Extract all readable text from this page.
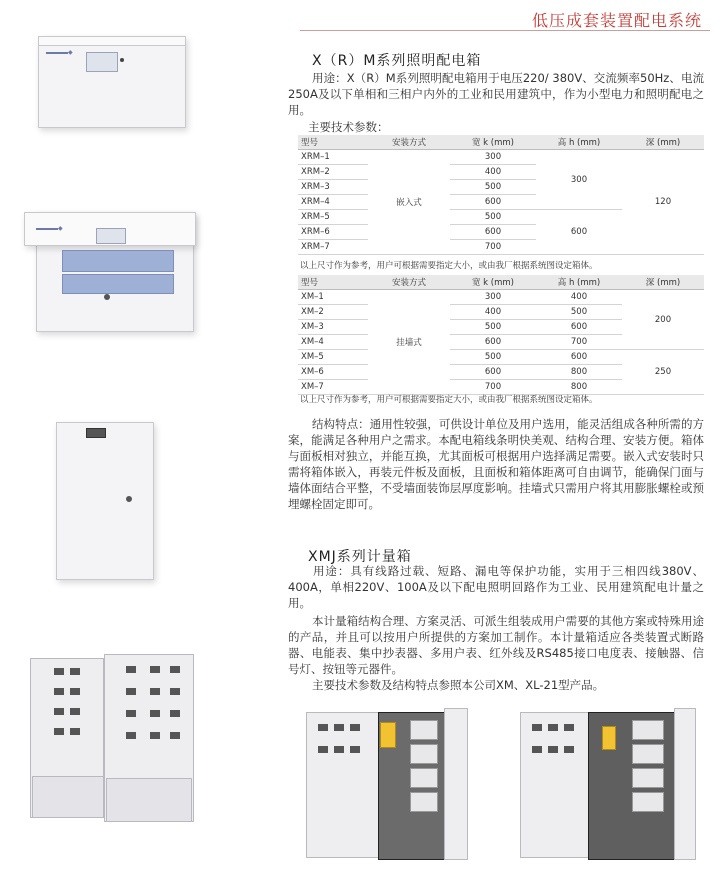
低压成套装置配电系统
◆
◆
X（R）M系列照明配电箱
用途：X（R）M系列照明配电箱用于电压220/ 380V、交流频率50Hz、电流250A及以下单相和三相户内外的工业和民用建筑中，作为小型电力和照明配电之用。
主要技术参数：
型号	安装方式	宽 k (mm)	高 h (mm)	深 (mm)
XRM–1	嵌入式	300	300	120
XRM–2		400		
XRM–3		500		
XRM–4		600		
XRM–5		500	600	
XRM–6		600		
XRM–7		700		
以上尺寸作为参考，用户可根据需要指定大小，或由我厂根据系统图设定箱体。
型号	安装方式	宽 k (mm)	高 h (mm)	深 (mm)
XM–1	挂墙式	300	400	200
XM–2		400	500	
XM–3		500	600	
XM–4		600	700	
XM–5		500	600	250
XM–6		600	800	
XM–7		700	800	
以上尺寸作为参考，用户可根据需要指定大小，或由我厂根据系统图设定箱体。
结构特点：通用性较强，可供设计单位及用户选用，能灵活组成各种所需的方案，能满足各种用户之需求。本配电箱线条明快美观、结构合理、安装方便。箱体与面板相对独立，并能互换，尤其面板可根据用户选择满足需要。嵌入式安装时只需将箱体嵌入，再装元件板及面板，且面板和箱体距离可自由调节，能确保门面与墙体面结合平整，不受墙面装饰层厚度影响。挂墙式只需用户将其用膨胀螺栓或预埋螺栓固定即可。
XMJ系列计量箱
用途：具有线路过载、短路、漏电等保护功能，实用于三相四线380V、400A，单相220V、100A及以下配电照明回路作为工业、民用建筑配电计量之用。
本计量箱结构合理、方案灵活、可派生组装成用户需要的其他方案或特殊用途的产品，并且可以按用户所提供的方案加工制作。本计量箱适应各类装置式断路器、电能表、集中抄表器、多用户表、红外线及RS485接口电度表、接触器、信号灯、按钮等元器件。
主要技术参数及结构特点参照本公司XM、XL-21型产品。
